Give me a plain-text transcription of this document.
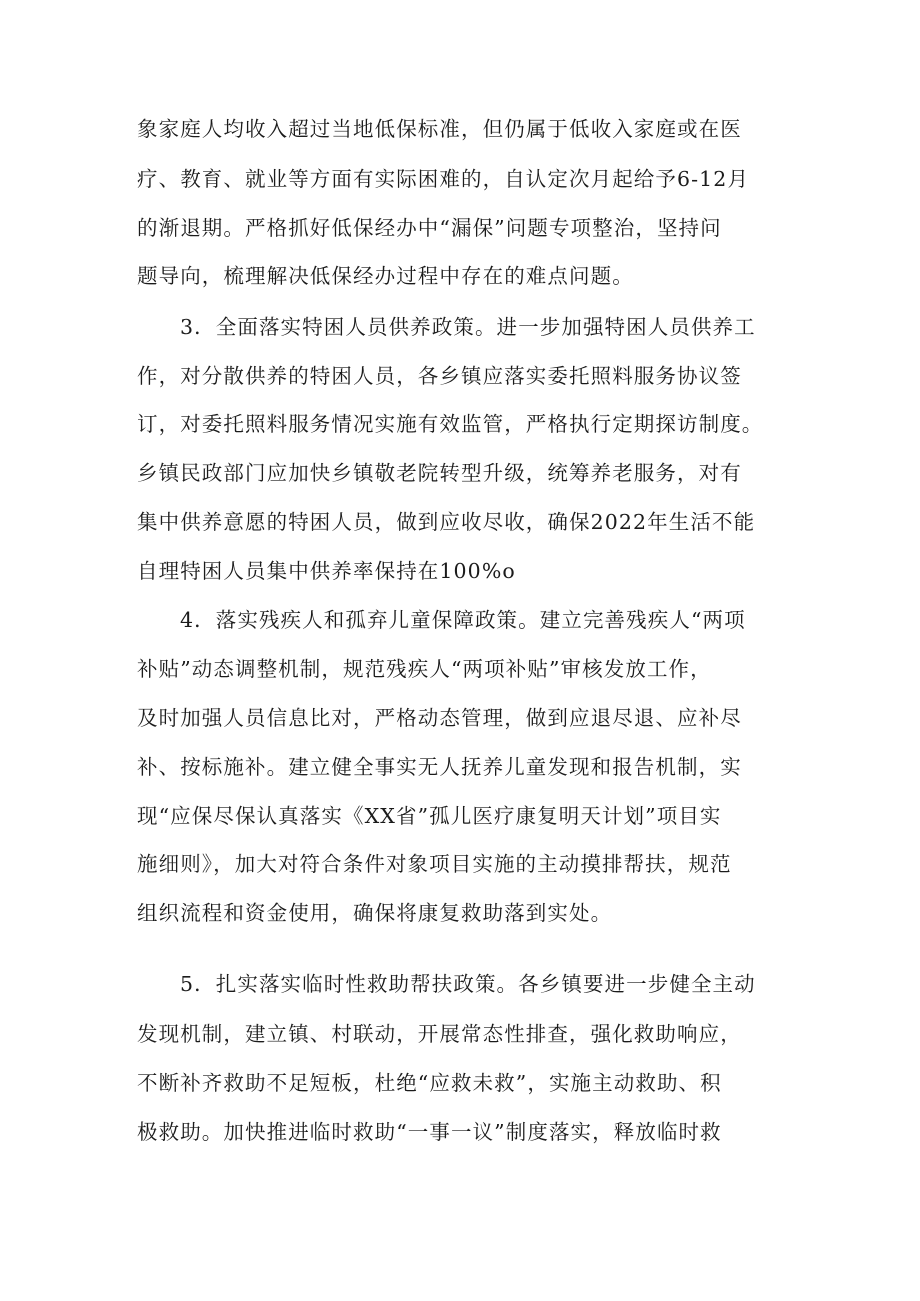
象家庭人均收入超过当地低保标准，但仍属于低收入家庭或在医
疗、教育、就业等方面有实际困难的，自认定次月起给予6-12月
的渐退期。严格抓好低保经办中“漏保”问题专项整治，坚持问
题导向，梳理解决低保经办过程中存在的难点问题。
3．全面落实特困人员供养政策。进一步加强特困人员供养工
作，对分散供养的特困人员，各乡镇应落实委托照料服务协议签
订，对委托照料服务情况实施有效监管，严格执行定期探访制度。
乡镇民政部门应加快乡镇敬老院转型升级，统筹养老服务，对有
集中供养意愿的特困人员，做到应收尽收，确保2022年生活不能
自理特困人员集中供养率保持在100%o
4．落实残疾人和孤弃儿童保障政策。建立完善残疾人“两项
补贴”动态调整机制，规范残疾人“两项补贴”审核发放工作，
及时加强人员信息比对，严格动态管理，做到应退尽退、应补尽
补、按标施补。建立健全事实无人抚养儿童发现和报告机制，实
现“应保尽保认真落实《XX省”孤儿医疗康复明天计划”项目实
施细则》，加大对符合条件对象项目实施的主动摸排帮扶，规范
组织流程和资金使用，确保将康复救助落到实处。
5．扎实落实临时性救助帮扶政策。各乡镇要进一步健全主动
发现机制，建立镇、村联动，开展常态性排查，强化救助响应，
不断补齐救助不足短板，杜绝“应救未救”，实施主动救助、积
极救助。加快推进临时救助“一事一议”制度落实，释放临时救
